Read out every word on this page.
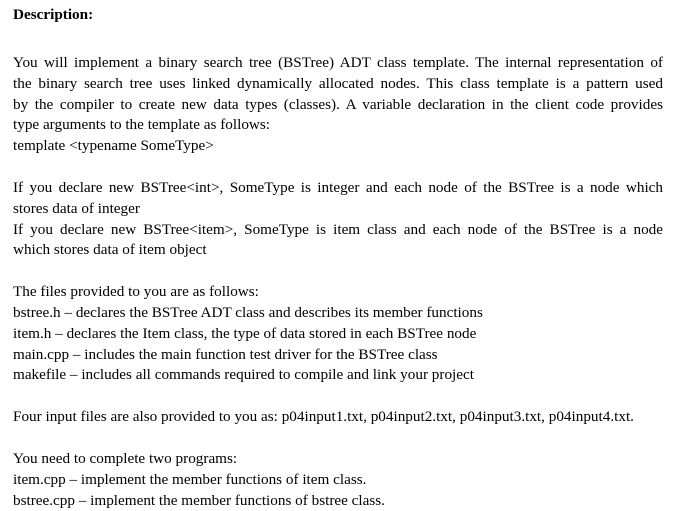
Description:

You will implement a binary search tree (BSTree) ADT class template. The internal representation of
the binary search tree uses linked dynamically allocated nodes. This class template is a pattern used
by the compiler to create new data types (classes). A variable declaration in the client code provides
type arguments to the template as follows:
template <typename SomeType>

If you declare new BSTree<int>, SomeType is integer and each node of the BSTree is a node which
stores data of integer
If you declare new BSTree<item>, SomeType is item class and each node of the BSTree is a node
which stores data of item object

The files provided to you are as follows:
bstree.h – declares the BSTree ADT class and describes its member functions
item.h – declares the Item class, the type of data stored in each BSTree node
main.cpp – includes the main function test driver for the BSTree class
makefile – includes all commands required to compile and link your project

Four input files are also provided to you as: p04input1.txt, p04input2.txt, p04input3.txt, p04input4.txt.

You need to complete two programs:
item.cpp – implement the member functions of item class.
bstree.cpp – implement the member functions of bstree class.
